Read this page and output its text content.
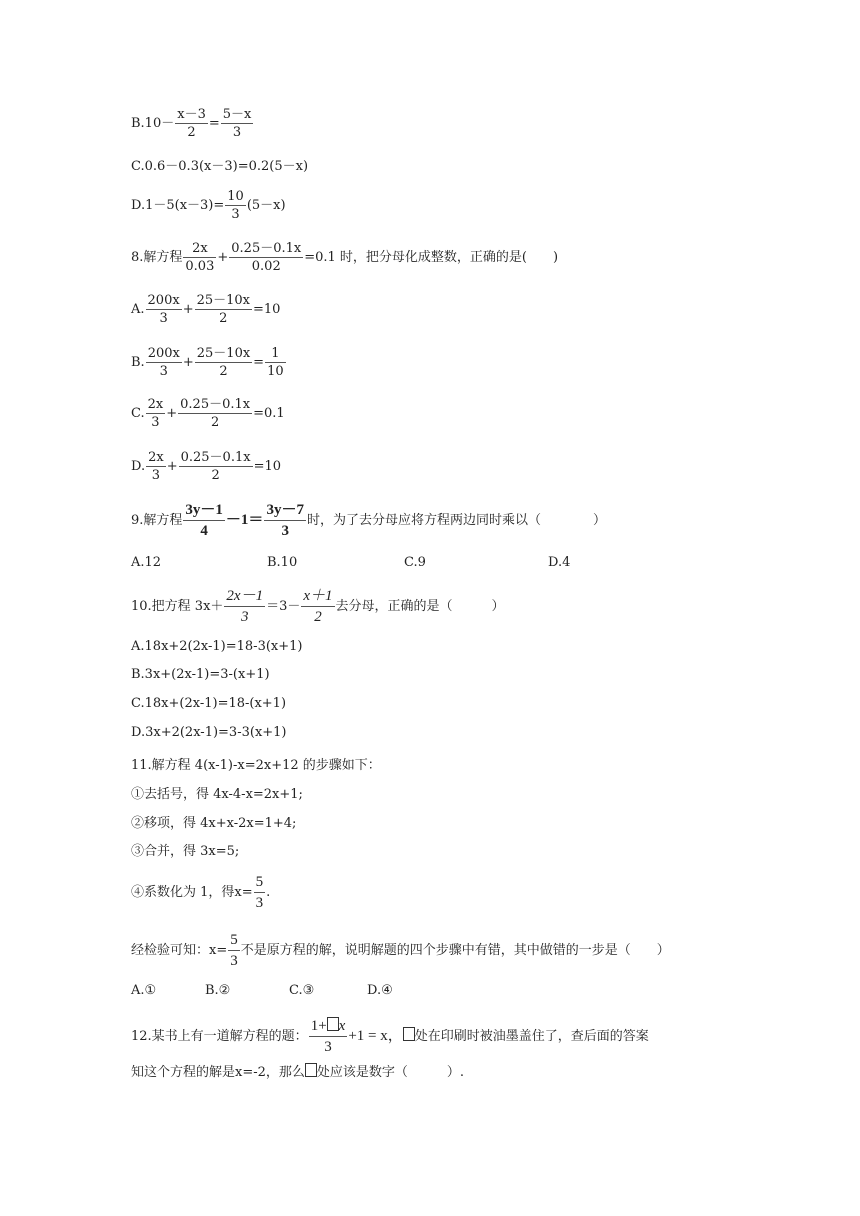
$B.10- \frac{x-3}{2} = \frac{5-x}{3}$
C.0.6－0.3(x－3)=0.2(5－x)
$D.1-5(x-3)= \frac{10}{3} (5-x)$
8.解方程 $\frac{2x}{0.03} + \frac{0.25-0.1x}{0.02} =0.1$ 时，把分母化成整数，正确的是(　　)
A. $\frac{200x}{3} + \frac{25-10x}{2} =10$
B. $\frac{200x}{3} + \frac{25-10x}{2} = \frac{1}{10}$
C. $\frac{2x}{3} + \frac{0.25-0.1x}{2} =0.1$
D. $\frac{2x}{3} + \frac{0.25-0.1x}{2} =10$
9.解方程 $\frac{3y-1}{4} -1= \frac{3y-7}{3}$ 时，为了去分母应将方程两边同时乘以（　　　　）
A.12	B.10	C.9	D.4
10.把方程 $3x+ \frac{2x-1}{3} =3- \frac{x+1}{2}$ 去分母，正确的是（　　　）
A.18x+2(2x-1)=18-3(x+1)
B.3x+(2x-1)=3-(x+1)
C.18x+(2x-1)=18-(x+1)
D.3x+2(2x-1)=3-3(x+1)
11.解方程 4(x-1)-x=2x+12 的步骤如下：
①去括号，得 4x-4-x=2x+1;
②移项，得 4x+x-2x=1+4;
③合并，得 3x=5;
④系数化为 1，得$x= \frac{5}{3}$ .
经检验可知：$x= \frac{5}{3}$ 不是原方程的解，说明解题的四个步骤中有错，其中做错的一步是（　　）
A.①	B.②	C.③	D.④
12.某书上有一道解方程的题： $\frac{1+ x}{3} +1 = x$， 处在印刷时被油墨盖住了，查后面的答案
知这个方程的解是x=-2，那么 处应该是数字（　　　）.
